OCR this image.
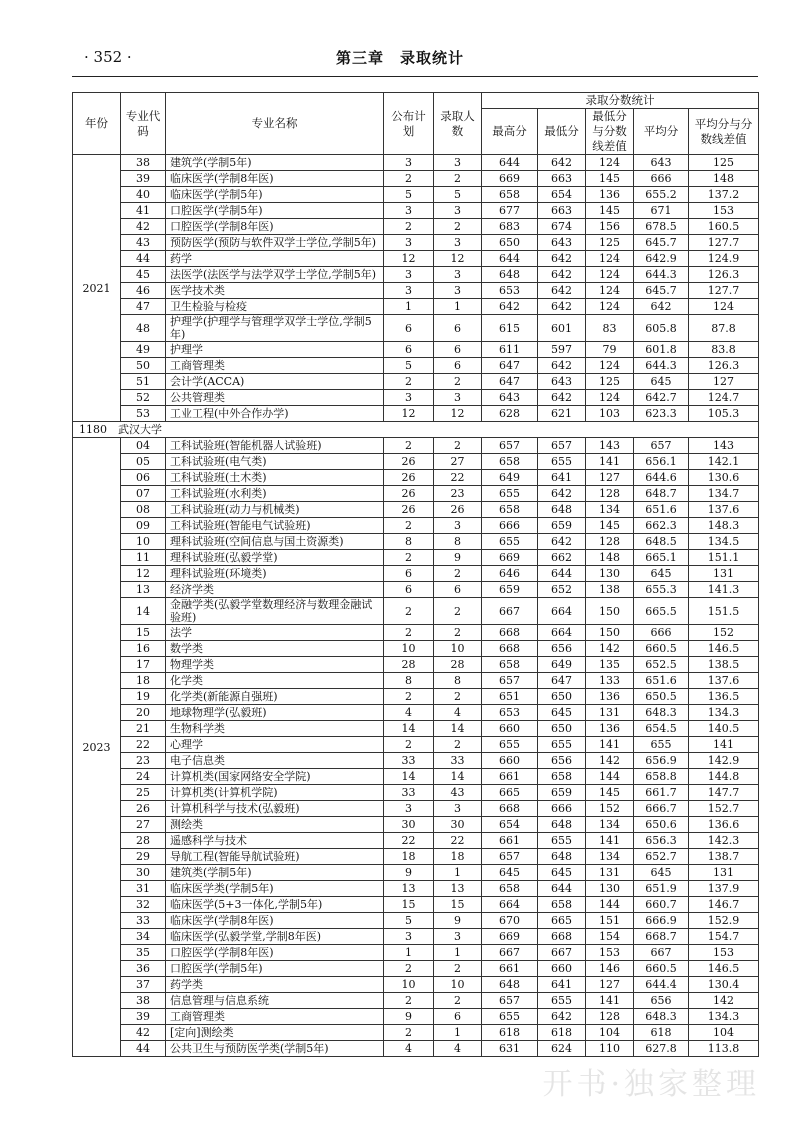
· 352 ·	第三章　录取统计
开书·独家整理
年份	专业代码	专业名称	公布计划	录取人数	录取分数统计				
					最高分	最低分	最低分与分数线差值	平均分	平均分与分数线差值
2021	38	建筑学(学制5年)	3	3	644	642	124	643	125
	39	临床医学(学制8年医)	2	2	669	663	145	666	148
	40	临床医学(学制5年)	5	5	658	654	136	655.2	137.2
	41	口腔医学(学制5年)	3	3	677	663	145	671	153
	42	口腔医学(学制8年医)	2	2	683	674	156	678.5	160.5
	43	预防医学(预防与软件双学士学位,学制5年)	3	3	650	643	125	645.7	127.7
	44	药学	12	12	644	642	124	642.9	124.9
	45	法医学(法医学与法学双学士学位,学制5年)	3	3	648	642	124	644.3	126.3
	46	医学技术类	3	3	653	642	124	645.7	127.7
	47	卫生检验与检疫	1	1	642	642	124	642	124
	48	护理学(护理学与管理学双学士学位,学制5年)	6	6	615	601	83	605.8	87.8
	49	护理学	6	6	611	597	79	601.8	83.8
	50	工商管理类	5	6	647	642	124	644.3	126.3
	51	会计学(ACCA)	2	2	647	643	125	645	127
	52	公共管理类	3	3	643	642	124	642.7	124.7
	53	工业工程(中外合作办学)	12	12	628	621	103	623.3	105.3
1180　武汉大学									
2023	04	工科试验班(智能机器人试验班)	2	2	657	657	143	657	143
	05	工科试验班(电气类)	26	27	658	655	141	656.1	142.1
	06	工科试验班(土木类)	26	22	649	641	127	644.6	130.6
	07	工科试验班(水利类)	26	23	655	642	128	648.7	134.7
	08	工科试验班(动力与机械类)	26	26	658	648	134	651.6	137.6
	09	工科试验班(智能电气试验班)	2	3	666	659	145	662.3	148.3
	10	理科试验班(空间信息与国土资源类)	8	8	655	642	128	648.5	134.5
	11	理科试验班(弘毅学堂)	2	9	669	662	148	665.1	151.1
	12	理科试验班(环境类)	6	2	646	644	130	645	131
	13	经济学类	6	6	659	652	138	655.3	141.3
	14	金融学类(弘毅学堂数理经济与数理金融试验班)	2	2	667	664	150	665.5	151.5
	15	法学	2	2	668	664	150	666	152
	16	数学类	10	10	668	656	142	660.5	146.5
	17	物理学类	28	28	658	649	135	652.5	138.5
	18	化学类	8	8	657	647	133	651.6	137.6
	19	化学类(新能源自强班)	2	2	651	650	136	650.5	136.5
	20	地球物理学(弘毅班)	4	4	653	645	131	648.3	134.3
	21	生物科学类	14	14	660	650	136	654.5	140.5
	22	心理学	2	2	655	655	141	655	141
	23	电子信息类	33	33	660	656	142	656.9	142.9
	24	计算机类(国家网络安全学院)	14	14	661	658	144	658.8	144.8
	25	计算机类(计算机学院)	33	43	665	659	145	661.7	147.7
	26	计算机科学与技术(弘毅班)	3	3	668	666	152	666.7	152.7
	27	测绘类	30	30	654	648	134	650.6	136.6
	28	遥感科学与技术	22	22	661	655	141	656.3	142.3
	29	导航工程(智能导航试验班)	18	18	657	648	134	652.7	138.7
	30	建筑类(学制5年)	9	1	645	645	131	645	131
	31	临床医学类(学制5年)	13	13	658	644	130	651.9	137.9
	32	临床医学(5+3一体化,学制5年)	15	15	664	658	144	660.7	146.7
	33	临床医学(学制8年医)	5	9	670	665	151	666.9	152.9
	34	临床医学(弘毅学堂,学制8年医)	3	3	669	668	154	668.7	154.7
	35	口腔医学(学制8年医)	1	1	667	667	153	667	153
	36	口腔医学(学制5年)	2	2	661	660	146	660.5	146.5
	37	药学类	10	10	648	641	127	644.4	130.4
	38	信息管理与信息系统	2	2	657	655	141	656	142
	39	工商管理类	9	6	655	642	128	648.3	134.3
	42	[定向]测绘类	2	1	618	618	104	618	104
	44	公共卫生与预防医学类(学制5年)	4	4	631	624	110	627.8	113.8
